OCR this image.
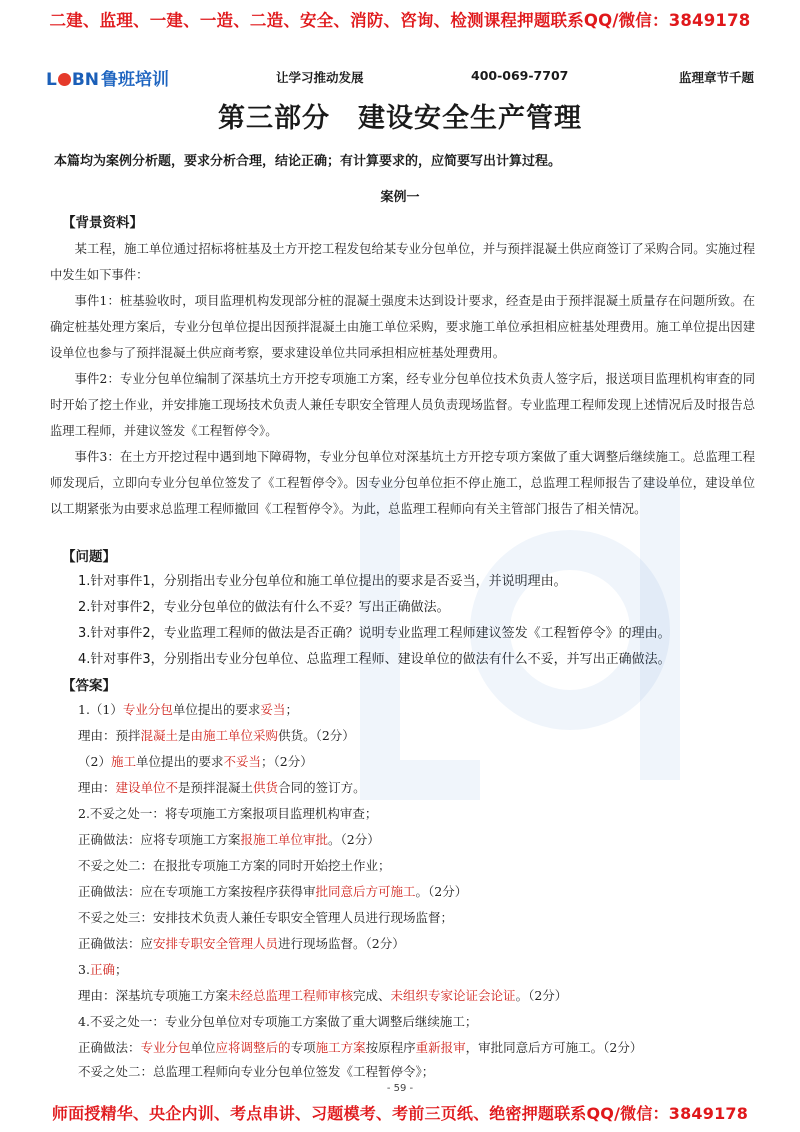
二建、监理、一建、一造、二造、安全、消防、咨询、检测课程押题联系QQ/微信：3849178
L BN 鲁班培训	让学习推动发展	400-069-7707	监理章节千题
第三部分 建设安全生产管理
本篇均为案例分析题，要求分析合理，结论正确；有计算要求的，应简要写出计算过程。
案例一
【背景资料】
某工程，施工单位通过招标将桩基及土方开挖工程发包给某专业分包单位，并与预拌混凝土供应商签订了采购合同。实施过程中发生如下事件：
事件1：桩基验收时，项目监理机构发现部分桩的混凝土强度未达到设计要求，经查是由于预拌混凝土质量存在问题所致。在确定桩基处理方案后，专业分包单位提出因预拌混凝土由施工单位采购，要求施工单位承担相应桩基处理费用。施工单位提出因建设单位也参与了预拌混凝土供应商考察，要求建设单位共同承担相应桩基处理费用。
事件2：专业分包单位编制了深基坑土方开挖专项施工方案，经专业分包单位技术负责人签字后，报送项目监理机构审查的同时开始了挖土作业，并安排施工现场技术负责人兼任专职安全管理人员负责现场监督。专业监理工程师发现上述情况后及时报告总监理工程师，并建议签发《工程暂停令》。
事件3：在土方开挖过程中遇到地下障碍物，专业分包单位对深基坑土方开挖专项方案做了重大调整后继续施工。总监理工程师发现后，立即向专业分包单位签发了《工程暂停令》。因专业分包单位拒不停止施工，总监理工程师报告了建设单位，建设单位以工期紧张为由要求总监理工程师撤回《工程暂停令》。为此，总监理工程师向有关主管部门报告了相关情况。
【问题】
1.针对事件1，分别指出专业分包单位和施工单位提出的要求是否妥当，并说明理由。
2.针对事件2，专业分包单位的做法有什么不妥？写出正确做法。
3.针对事件2，专业监理工程师的做法是否正确？说明专业监理工程师建议签发《工程暂停令》的理由。
4.针对事件3，分别指出专业分包单位、总监理工程师、建设单位的做法有什么不妥，并写出正确做法。
【答案】
1.（1）专业分包单位提出的要求妥当；
理由：预拌混凝土是由施工单位采购供货。（2分）
（2）施工单位提出的要求不妥当；（2分）
理由：建设单位不是预拌混凝土供货合同的签订方。
2.不妥之处一：将专项施工方案报项目监理机构审查；
正确做法：应将专项施工方案报施工单位审批。（2分）
不妥之处二：在报批专项施工方案的同时开始挖土作业；
正确做法：应在专项施工方案按程序获得审批同意后方可施工。（2分）
不妥之处三：安排技术负责人兼任专职安全管理人员进行现场监督；
正确做法：应安排专职安全管理人员进行现场监督。（2分）
3.正确；
理由：深基坑专项施工方案未经总监理工程师审核完成、未组织专家论证会论证。（2分）
4.不妥之处一：专业分包单位对专项施工方案做了重大调整后继续施工；
正确做法：专业分包单位应将调整后的专项施工方案按原程序重新报审，审批同意后方可施工。（2分）
不妥之处二：总监理工程师向专业分包单位签发《工程暂停令》；
- 59 -
师面授精华、央企内训、考点串讲、习题模考、考前三页纸、绝密押题联系QQ/微信：3849178
